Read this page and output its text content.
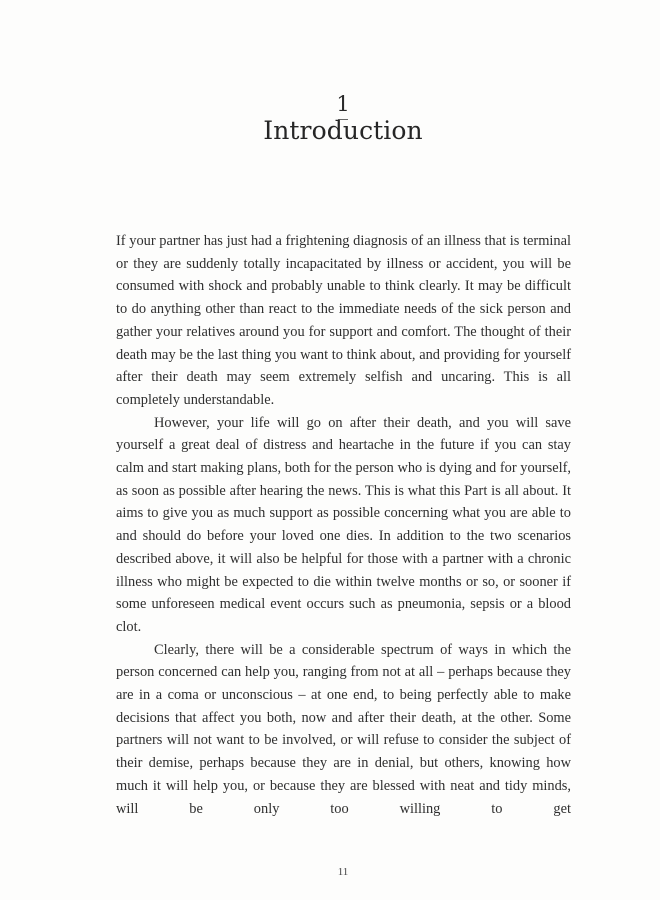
1
Introduction

If your partner has just had a frightening diagnosis of an illness that is terminal or they are suddenly totally incapacitated by illness or accident, you will be consumed with shock and probably unable to think clearly. It may be difficult to do anything other than react to the immediate needs of the sick person and gather your relatives around you for support and comfort. The thought of their death may be the last thing you want to think about, and providing for yourself after their death may seem extremely selfish and uncaring. This is all completely understandable.

However, your life will go on after their death, and you will save yourself a great deal of distress and heartache in the future if you can stay calm and start making plans, both for the person who is dying and for yourself, as soon as possible after hearing the news. This is what this Part is all about. It aims to give you as much support as possible concerning what you are able to and should do before your loved one dies. In addition to the two scenarios described above, it will also be helpful for those with a partner with a chronic illness who might be expected to die within twelve months or so, or sooner if some unforeseen medical event occurs such as pneumonia, sepsis or a blood clot.

Clearly, there will be a considerable spectrum of ways in which the person concerned can help you, ranging from not at all – perhaps because they are in a coma or unconscious – at one end, to being perfectly able to make decisions that affect you both, now and after their death, at the other. Some partners will not want to be involved, or will refuse to consider the subject of their demise, perhaps because they are in denial, but others, knowing how much it will help you, or because they are blessed with neat and tidy minds, will be only too willing to get

11
